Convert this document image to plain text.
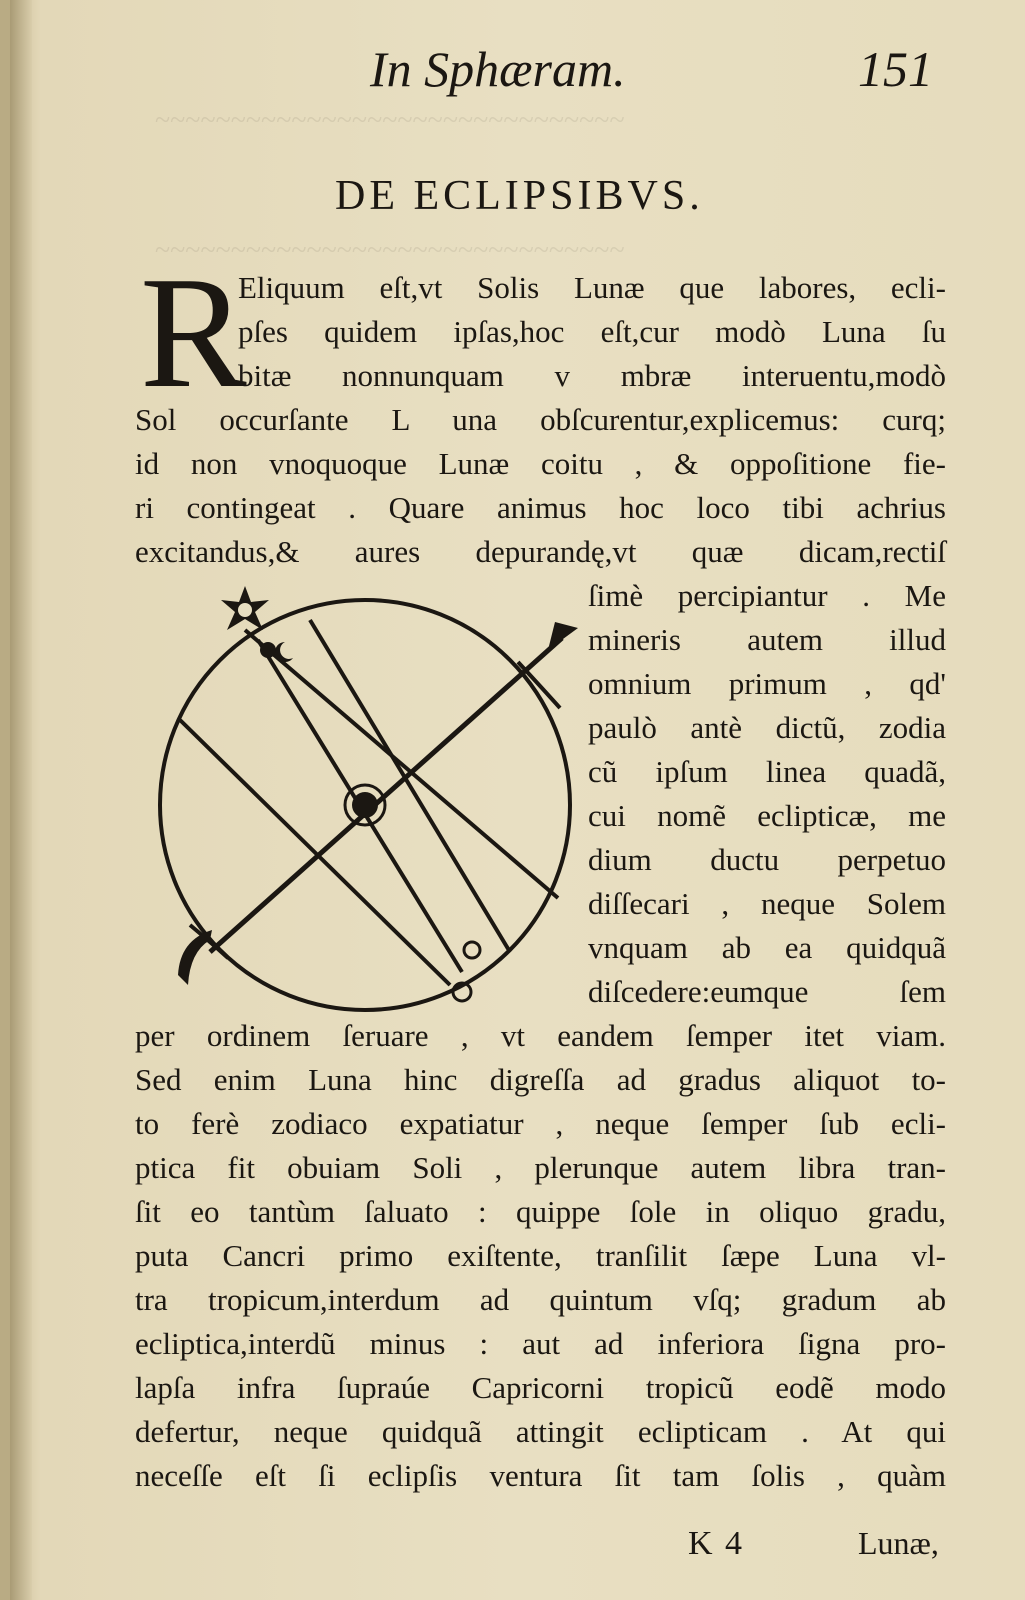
~~~~~~~~~~~~~~~~~~~~~~~~~~~~~~~
~~~~~~~~~~~~~~~~~~~~~~~~~~~~~~~
In Sphæram.	151
DE ECLIPSIBVS.
R
Eliquum eſt,vt Solis Lunæ que labores, ecli-
pſes quidem ipſas,hoc eſt,cur modò Luna ſu
bitæ nonnunquam v mbræ interuentu,modò
Sol occurſante L una obſcurentur,explicemus: curq;
id non vnoquoque Lunæ coitu , & oppoſitione fie-
ri contingeat . Quare animus hoc loco tibi achrius
excitandus,& aures depurandę,vt quæ dicam,rectiſ
ſimè percipiantur . Me
mineris autem illud
omnium primum , qd'
paulò antè dictũ, zodia
cũ ipſum linea quadã,
cui nomẽ eclipticæ, me
dium ductu perpetuo
diſſecari , neque Solem
vnquam ab ea quidquã
diſcedere:eumque ſem
per ordinem ſeruare , vt eandem ſemper itet viam.
Sed enim Luna hinc digreſſa ad gradus aliquot to-
to ferè zodiaco expatiatur , neque ſemper ſub ecli-
ptica fit obuiam Soli , plerunque autem libra tran-
ſit eo tantùm ſaluato : quippe ſole in oliquo gradu,
puta Cancri primo exiſtente, tranſilit ſæpe Luna vl-
tra tropicum,interdum ad quintum vſq; gradum ab
ecliptica,interdũ minus : aut ad inferiora ſigna pro-
lapſa infra ſupraúe Capricorni tropicũ eodẽ modo
defertur, neque quidquã attingit eclipticam . At qui
neceſſe eſt ſi eclipſis ventura ſit tam ſolis , quàm
K 4	Lunæ,
